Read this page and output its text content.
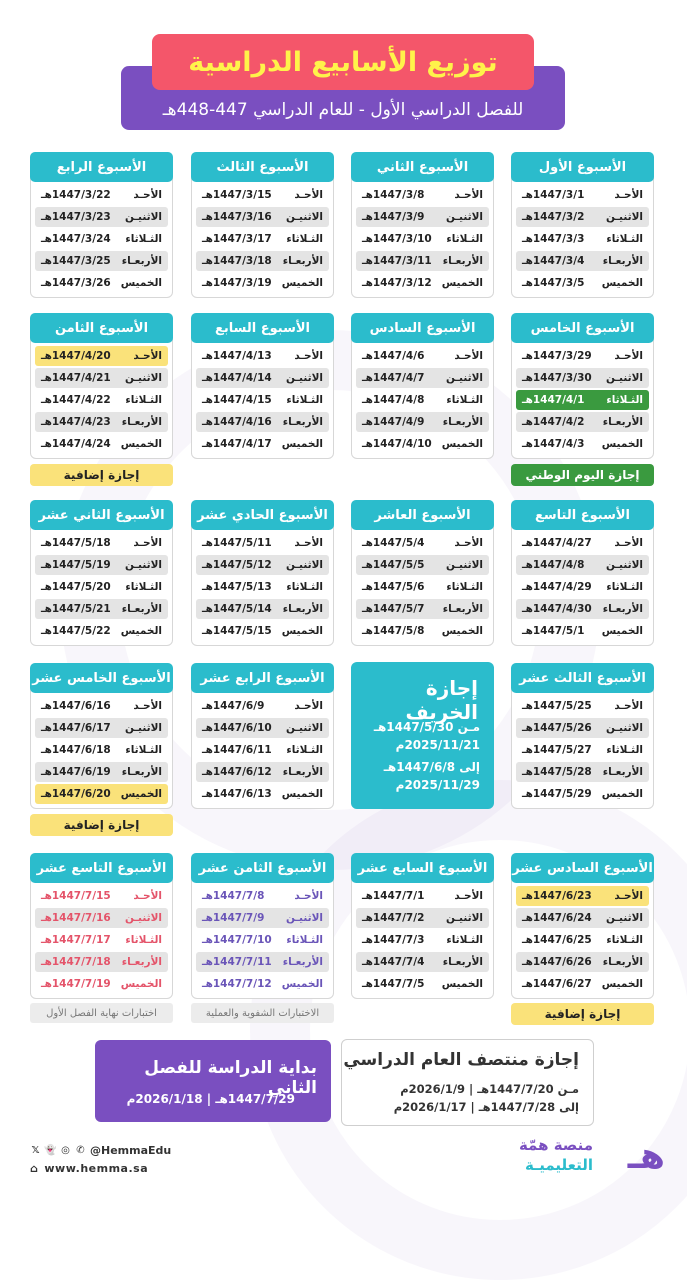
للفصل الدراسي الأول - للعام الدراسي 447-448هـ
توزيع الأسابيع الدراسية
الأسبوع الأول
الأحـد
1447/3/1هـ
الاثنيـن
1447/3/2هـ
الثـلاثاء
1447/3/3هـ
الأربعـاء
1447/3/4هـ
الخميس
1447/3/5هـ
الأسبوع الثاني
الأحـد
1447/3/8هـ
الاثنيـن
1447/3/9هـ
الثـلاثاء
1447/3/10هـ
الأربعـاء
1447/3/11هـ
الخميس
1447/3/12هـ
الأسبوع الثالث
الأحـد
1447/3/15هـ
الاثنيـن
1447/3/16هـ
الثـلاثاء
1447/3/17هـ
الأربعـاء
1447/3/18هـ
الخميس
1447/3/19هـ
الأسبوع الرابع
الأحـد
1447/3/22هـ
الاثنيـن
1447/3/23هـ
الثـلاثاء
1447/3/24هـ
الأربعـاء
1447/3/25هـ
الخميس
1447/3/26هـ
الأسبوع الخامس
الأحـد
1447/3/29هـ
الاثنيـن
1447/3/30هـ
الثـلاثاء
1447/4/1هـ
الأربعـاء
1447/4/2هـ
الخميس
1447/4/3هـ
الأسبوع السادس
الأحـد
1447/4/6هـ
الاثنيـن
1447/4/7هـ
الثـلاثاء
1447/4/8هـ
الأربعـاء
1447/4/9هـ
الخميس
1447/4/10هـ
الأسبوع السابع
الأحـد
1447/4/13هـ
الاثنيـن
1447/4/14هـ
الثـلاثاء
1447/4/15هـ
الأربعـاء
1447/4/16هـ
الخميس
1447/4/17هـ
الأسبوع الثامن
الأحـد
1447/4/20هـ
الاثنيـن
1447/4/21هـ
الثـلاثاء
1447/4/22هـ
الأربعـاء
1447/4/23هـ
الخميس
1447/4/24هـ
الأسبوع التاسع
الأحـد
1447/4/27هـ
الاثنيـن
1447/4/8هـ
الثـلاثاء
1447/4/29هـ
الأربعـاء
1447/4/30هـ
الخميس
1447/5/1هـ
الأسبوع العاشر
الأحـد
1447/5/4هـ
الاثنيـن
1447/5/5هـ
الثـلاثاء
1447/5/6هـ
الأربعـاء
1447/5/7هـ
الخميس
1447/5/8هـ
الأسبوع الحادي عشر
الأحـد
1447/5/11هـ
الاثنيـن
1447/5/12هـ
الثـلاثاء
1447/5/13هـ
الأربعـاء
1447/5/14هـ
الخميس
1447/5/15هـ
الأسبوع الثاني عشر
الأحـد
1447/5/18هـ
الاثنيـن
1447/5/19هـ
الثـلاثاء
1447/5/20هـ
الأربعـاء
1447/5/21هـ
الخميس
1447/5/22هـ
الأسبوع الثالث عشر
الأحـد
1447/5/25هـ
الاثنيـن
1447/5/26هـ
الثـلاثاء
1447/5/27هـ
الأربعـاء
1447/5/28هـ
الخميس
1447/5/29هـ
الأسبوع الرابع عشر
الأحـد
1447/6/9هـ
الاثنيـن
1447/6/10هـ
الثـلاثاء
1447/6/11هـ
الأربعـاء
1447/6/12هـ
الخميس
1447/6/13هـ
الأسبوع الخامس عشر
الأحـد
1447/6/16هـ
الاثنيـن
1447/6/17هـ
الثـلاثاء
1447/6/18هـ
الأربعـاء
1447/6/19هـ
الخميس
1447/6/20هـ
الأسبوع السادس عشر
الأحـد
1447/6/23هـ
الاثنيـن
1447/6/24هـ
الثـلاثاء
1447/6/25هـ
الأربعـاء
1447/6/26هـ
الخميس
1447/6/27هـ
الأسبوع السابع عشر
الأحـد
1447/7/1هـ
الاثنيـن
1447/7/2هـ
الثـلاثاء
1447/7/3هـ
الأربعـاء
1447/7/4هـ
الخميس
1447/7/5هـ
الأسبوع الثامن عشر
الأحـد
1447/7/8هـ
الاثنيـن
1447/7/9هـ
الثـلاثاء
1447/7/10هـ
الأربعـاء
1447/7/11هـ
الخميس
1447/7/12هـ
الأسبوع التاسع عشر
الأحـد
1447/7/15هـ
الاثنيـن
1447/7/16هـ
الثـلاثاء
1447/7/17هـ
الأربعـاء
1447/7/18هـ
الخميس
1447/7/19هـ
إجازة إضافية	إجازة اليوم الوطني
إجازة إضافية
إجازة إضافية
الاختبارات الشفوية والعملية
اختبارات نهاية الفصل الأول
إجازة الخريف
مـن 1447/5/30هـ
2025/11/21م
إلى 1447/6/8هـ
2025/11/29م
بداية الدراسة للفصل الثاني
1447/7/29هـ | 2026/1/18م
إجازة منتصف العام الدراسي
مـن 1447/7/20هـ | 2026/1/9م
إلى 1447/7/28هـ | 2026/1/17م
𝕏 👻 ◎ ✆ @HemmaEdu
⌂ www.hemma.sa	هـ
منصة همّة
التعليميـة
